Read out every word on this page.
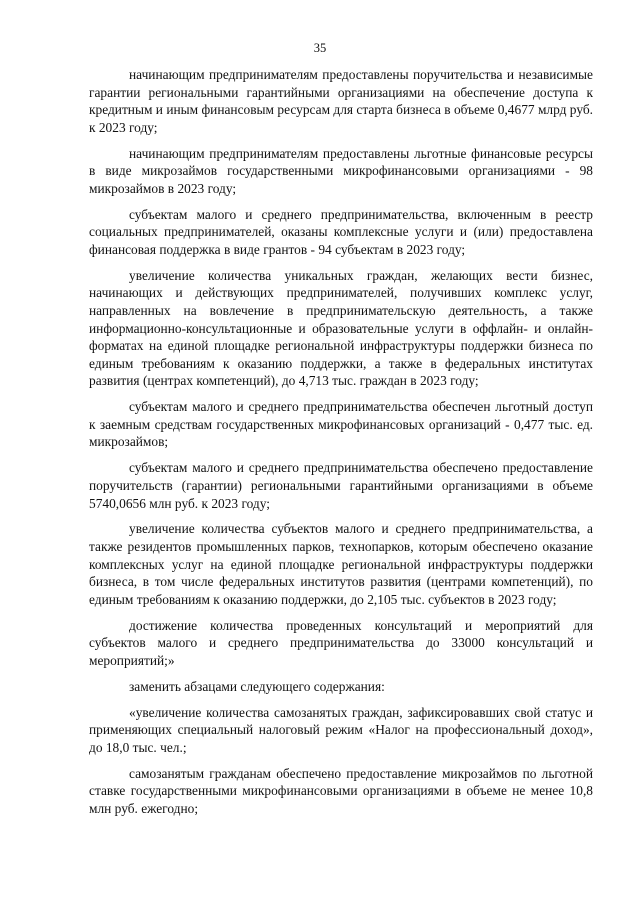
35

начинающим предпринимателям предоставлены поручительства и независимые гарантии региональными гарантийными организациями на обеспечение доступа к кредитным и иным финансовым ресурсам для старта бизнеса в объеме 0,4677 млрд руб. к 2023 году;

начинающим предпринимателям предоставлены льготные финансовые ресурсы в виде микрозаймов государственными микрофинансовыми организациями - 98 микрозаймов в 2023 году;

субъектам малого и среднего предпринимательства, включенным в реестр социальных предпринимателей, оказаны комплексные услуги и (или) предоставлена финансовая поддержка в виде грантов - 94 субъектам в 2023 году;

увеличение количества уникальных граждан, желающих вести бизнес, начинающих и действующих предпринимателей, получивших комплекс услуг, направленных на вовлечение в предпринимательскую деятельность, а также информационно-консультационные и образовательные услуги в оффлайн- и онлайн-форматах на единой площадке региональной инфраструктуры поддержки бизнеса по единым требованиям к оказанию поддержки, а также в федеральных институтах развития (центрах компетенций), до 4,713 тыс. граждан в 2023 году;

субъектам малого и среднего предпринимательства обеспечен льготный доступ к заемным средствам государственных микрофинансовых организаций - 0,477 тыс. ед. микрозаймов;

субъектам малого и среднего предпринимательства обеспечено предоставление поручительств (гарантии) региональными гарантийными организациями в объеме 5740,0656 млн руб. к 2023 году;

увеличение количества субъектов малого и среднего предпринимательства, а также резидентов промышленных парков, технопарков, которым обеспечено оказание комплексных услуг на единой площадке региональной инфраструктуры поддержки бизнеса, в том числе федеральных институтов развития (центрами компетенций), по единым требованиям к оказанию поддержки, до 2,105 тыс. субъектов в 2023 году;

достижение количества проведенных консультаций и мероприятий для субъектов малого и среднего предпринимательства до 33000 консультаций и мероприятий;»

заменить абзацами следующего содержания:

«увеличение количества самозанятых граждан, зафиксировавших свой статус и применяющих специальный налоговый режим «Налог на профессиональный доход», до 18,0 тыс. чел.;

самозанятым гражданам обеспечено предоставление микрозаймов по льготной ставке государственными микрофинансовыми организациями в объеме не менее 10,8 млн руб. ежегодно;
